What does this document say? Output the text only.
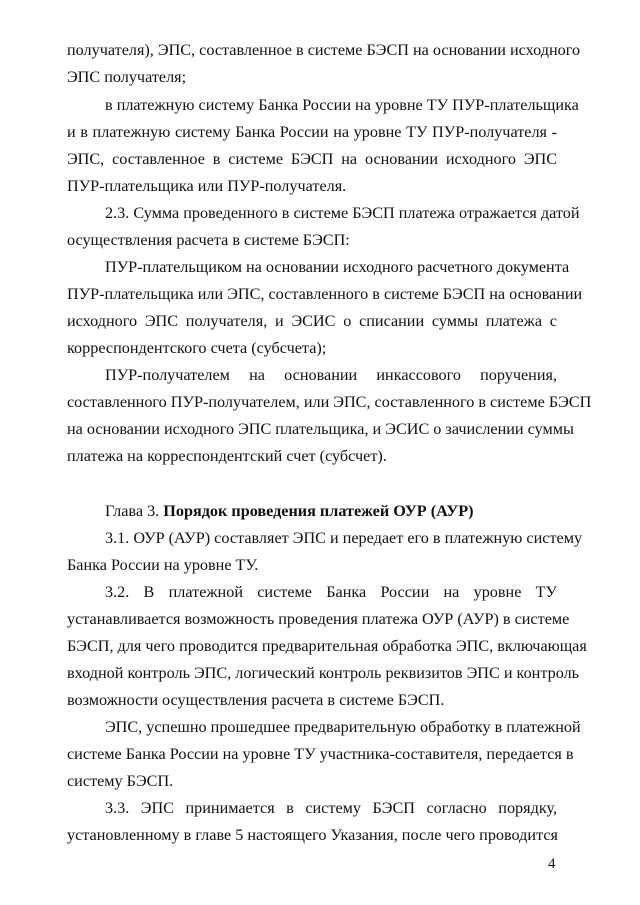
получателя), ЭПС, составленное в системе БЭСП на основании исходного
ЭПС получателя;
в платежную систему Банка России на уровне ТУ ПУР-плательщика
и в платежную систему Банка России на уровне ТУ ПУР-получателя -
ЭПС, составленное в системе БЭСП на основании исходного ЭПС
ПУР-плательщика или ПУР-получателя.
2.3. Сумма проведенного в системе БЭСП платежа отражается датой
осуществления расчета в системе БЭСП:
ПУР-плательщиком на основании исходного расчетного документа
ПУР-плательщика или ЭПС, составленного в системе БЭСП на основании
исходного ЭПС получателя, и ЭСИС о списании суммы платежа с
корреспондентского счета (субсчета);
ПУР-получателем на основании инкассового поручения,
составленного ПУР-получателем, или ЭПС, составленного в системе БЭСП
на основании исходного ЭПС плательщика, и ЭСИС о зачислении суммы
платежа на корреспондентский счет (субсчет).
Глава 3. Порядок проведения платежей ОУР (АУР)
3.1. ОУР (АУР) составляет ЭПС и передает его в платежную систему
Банка России на уровне ТУ.
3.2. В платежной системе Банка России на уровне ТУ
устанавливается возможность проведения платежа ОУР (АУР) в системе
БЭСП, для чего проводится предварительная обработка ЭПС, включающая
входной контроль ЭПС, логический контроль реквизитов ЭПС и контроль
возможности осуществления расчета в системе БЭСП.
ЭПС, успешно прошедшее предварительную обработку в платежной
системе Банка России на уровне ТУ участника-составителя, передается в
систему БЭСП.
3.3. ЭПС принимается в систему БЭСП согласно порядку,
установленному в главе 5 настоящего Указания, после чего проводится
4
